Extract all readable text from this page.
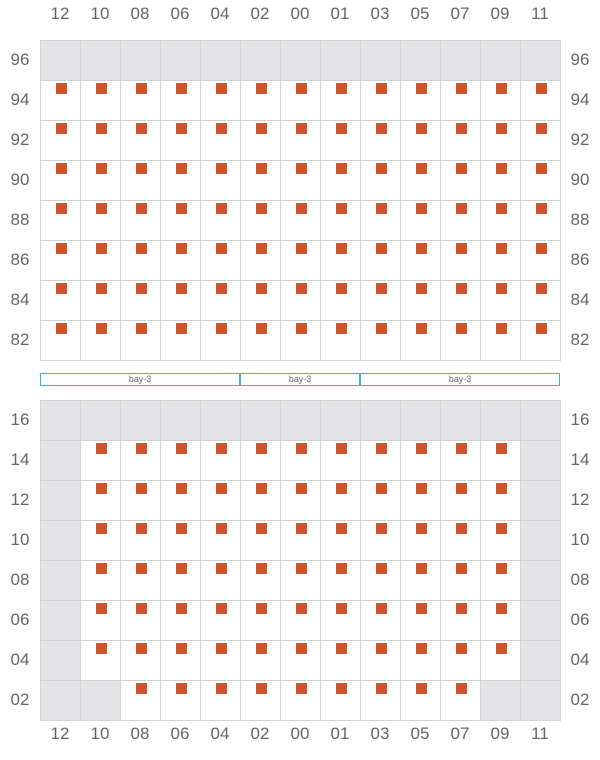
12	10	08	06	04	02	00	01	03	05	07	09	11
96	96
94	94
92	92
90	90
88	88
86	86
84	84
82	82
bay-3	bay-3	bay-3
16	16
14	14
12	12
10	10
08	08
06	06
04	04
02	02
12	10	08	06	04	02	00	01	03	05	07	09	11
